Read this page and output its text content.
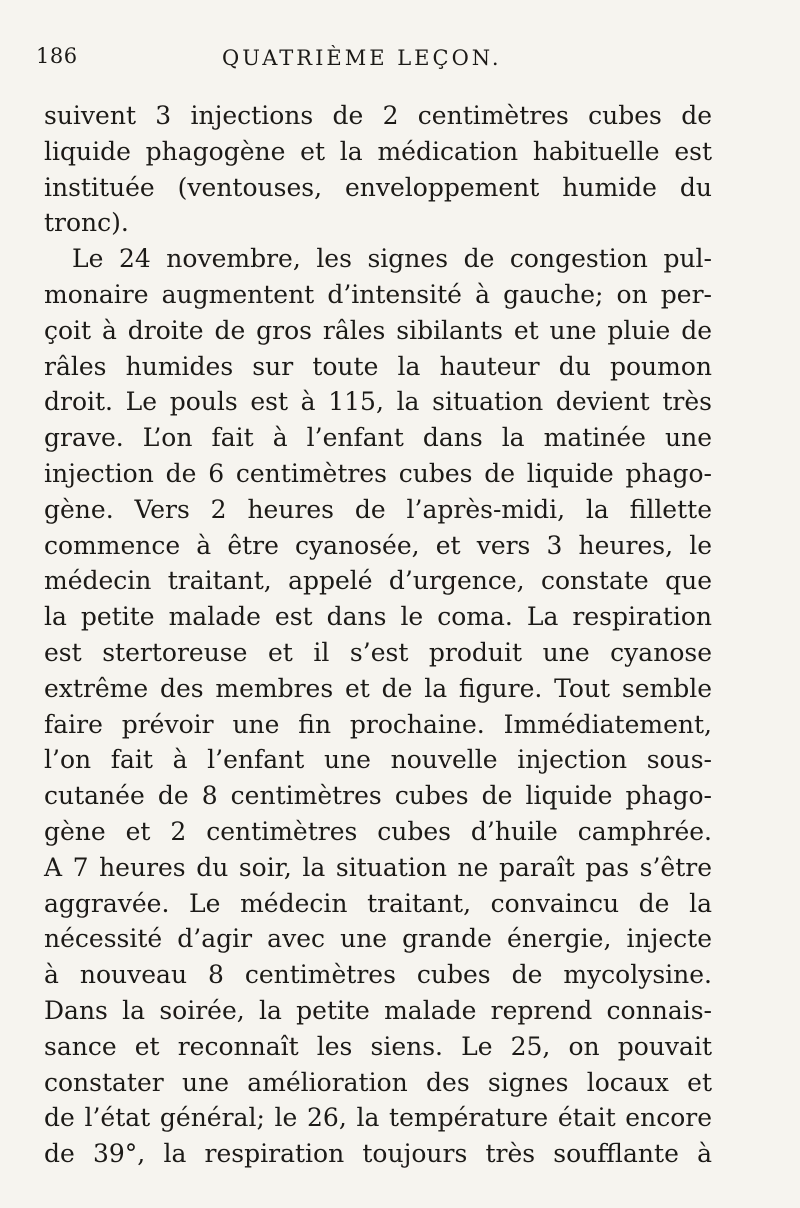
186	QUATRIÈME LEÇON.
suivent 3 injections de 2 centimètres cubes de
liquide phagogène et la médication habituelle est
instituée (ventouses, enveloppement humide du
tronc).
Le 24 novembre, les signes de congestion pul-
monaire augmentent d’intensité à gauche; on per-
çoit à droite de gros râles sibilants et une pluie de
râles humides sur toute la hauteur du poumon
droit. Le pouls est à 115, la situation devient très
grave. L’on fait à l’enfant dans la matinée une
injection de 6 centimètres cubes de liquide phago-
gène. Vers 2 heures de l’après-midi, la fillette
commence à être cyanosée, et vers 3 heures, le
médecin traitant, appelé d’urgence, constate que
la petite malade est dans le coma. La respiration
est stertoreuse et il s’est produit une cyanose
extrême des membres et de la figure. Tout semble
faire prévoir une fin prochaine. Immédiatement,
l’on fait à l’enfant une nouvelle injection sous-
cutanée de 8 centimètres cubes de liquide phago-
gène et 2 centimètres cubes d’huile camphrée.
A 7 heures du soir, la situation ne paraît pas s’être
aggravée. Le médecin traitant, convaincu de la
nécessité d’agir avec une grande énergie, injecte
à nouveau 8 centimètres cubes de mycolysine.
Dans la soirée, la petite malade reprend connais-
sance et reconnaît les siens. Le 25, on pouvait
constater une amélioration des signes locaux et
de l’état général; le 26, la température était encore
de 39°, la respiration toujours très soufflante à
